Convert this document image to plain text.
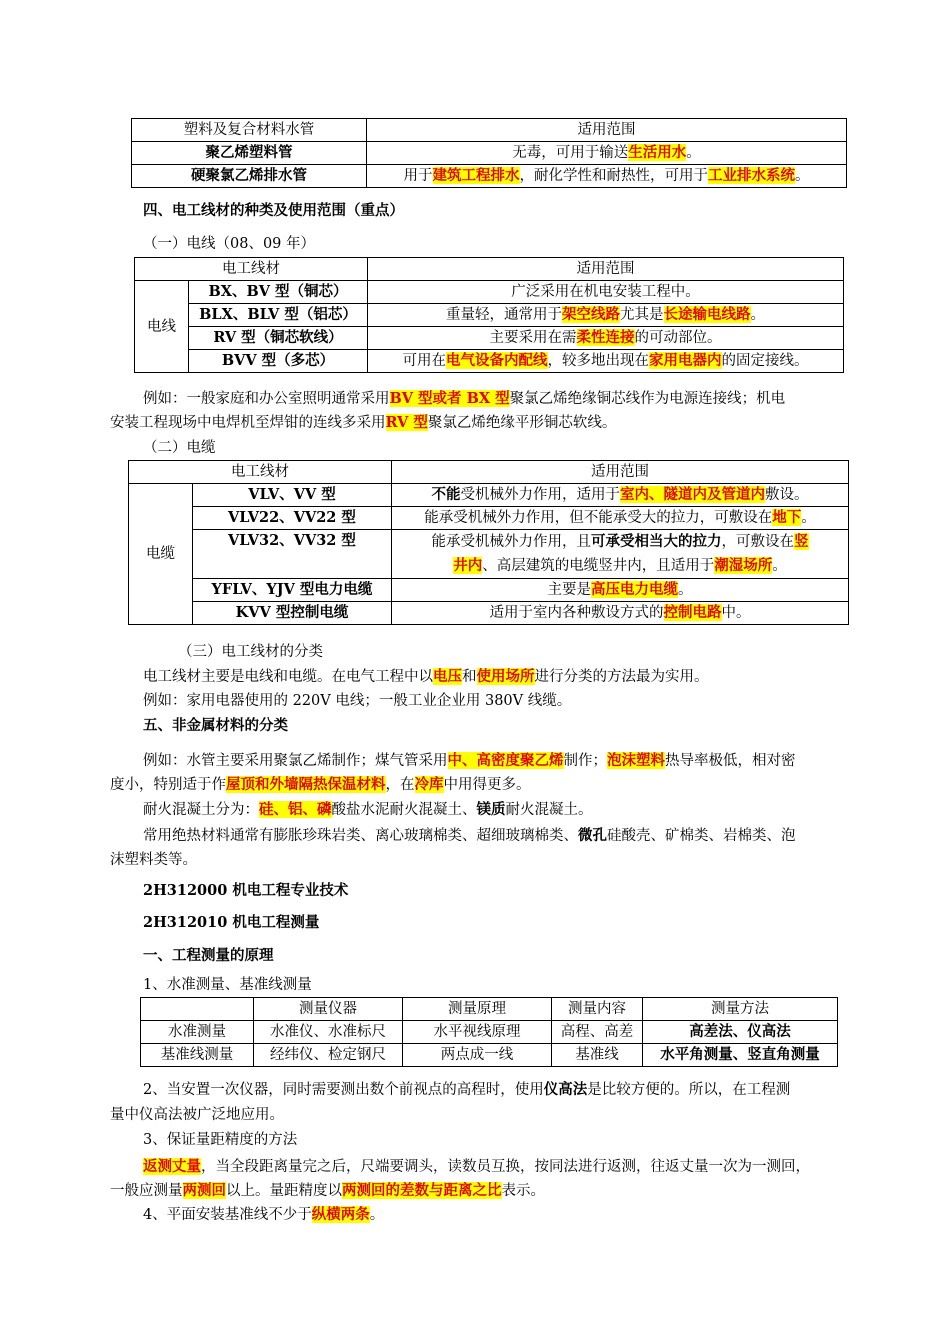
塑料及复合材料水管	适用范围
聚乙烯塑料管	无毒，可用于输送生活用水。
硬聚氯乙烯排水管	用于建筑工程排水，耐化学性和耐热性，可用于工业排水系统。
四、电工线材的种类及使用范围（重点）
（一）电线（08、09 年）
电工线材		适用范围
电线	BX、BV 型（铜芯）	广泛采用在机电安装工程中。
	BLX、BLV 型（铝芯）	重量轻，通常用于架空线路尤其是长途输电线路。
	RV 型（铜芯软线）	主要采用在需柔性连接的可动部位。
	BVV 型（多芯）	可用在电气设备内配线，较多地出现在家用电器内的固定接线。
例如：一般家庭和办公室照明通常采用BV 型或者 BX 型聚氯乙烯绝缘铜芯线作为电源连接线；机电
安装工程现场中电焊机至焊钳的连线多采用RV 型聚氯乙烯绝缘平形铜芯软线。
（二）电缆
电工线材		适用范围
电缆	VLV、VV 型	不能受机械外力作用，适用于室内、隧道内及管道内敷设。
	VLV22、VV22 型	能承受机械外力作用，但不能承受大的拉力，可敷设在地下。
	VLV32、VV32 型	能承受机械外力作用，且可承受相当大的拉力，可敷设在竖
井内、高层建筑的电缆竖井内，且适用于潮湿场所。
	YFLV、YJV 型电力电缆	主要是高压电力电缆。
	KVV 型控制电缆	适用于室内各种敷设方式的控制电路中。
（三）电工线材的分类
电工线材主要是电线和电缆。在电气工程中以电压和使用场所进行分类的方法最为实用。
例如：家用电器使用的 220V 电线；一般工业企业用 380V 线缆。
五、非金属材料的分类
例如：水管主要采用聚氯乙烯制作；煤气管采用中、高密度聚乙烯制作；泡沫塑料热导率极低，相对密
度小，特别适于作屋顶和外墙隔热保温材料，在冷库中用得更多。
耐火混凝土分为：硅、铝、磷酸盐水泥耐火混凝土、镁质耐火混凝土。
常用绝热材料通常有膨胀珍珠岩类、离心玻璃棉类、超细玻璃棉类、微孔硅酸壳、矿棉类、岩棉类、泡
沫塑料类等。
2H312000 机电工程专业技术
2H312010 机电工程测量
一、工程测量的原理
1、水准测量、基准线测量
	测量仪器	测量原理	测量内容	测量方法
水准测量	水准仪、水准标尺	水平视线原理	高程、高差	高差法、仪高法
基准线测量	经纬仪、检定钢尺	两点成一线	基准线	水平角测量、竖直角测量
2、当安置一次仪器，同时需要测出数个前视点的高程时，使用仪高法是比较方便的。所以，在工程测
量中仪高法被广泛地应用。
3、保证量距精度的方法
返测丈量，当全段距离量完之后，尺端要调头，读数员互换，按同法进行返测，往返丈量一次为一测回，
一般应测量两测回以上。量距精度以两测回的差数与距离之比表示。
4、平面安装基准线不少于纵横两条。
